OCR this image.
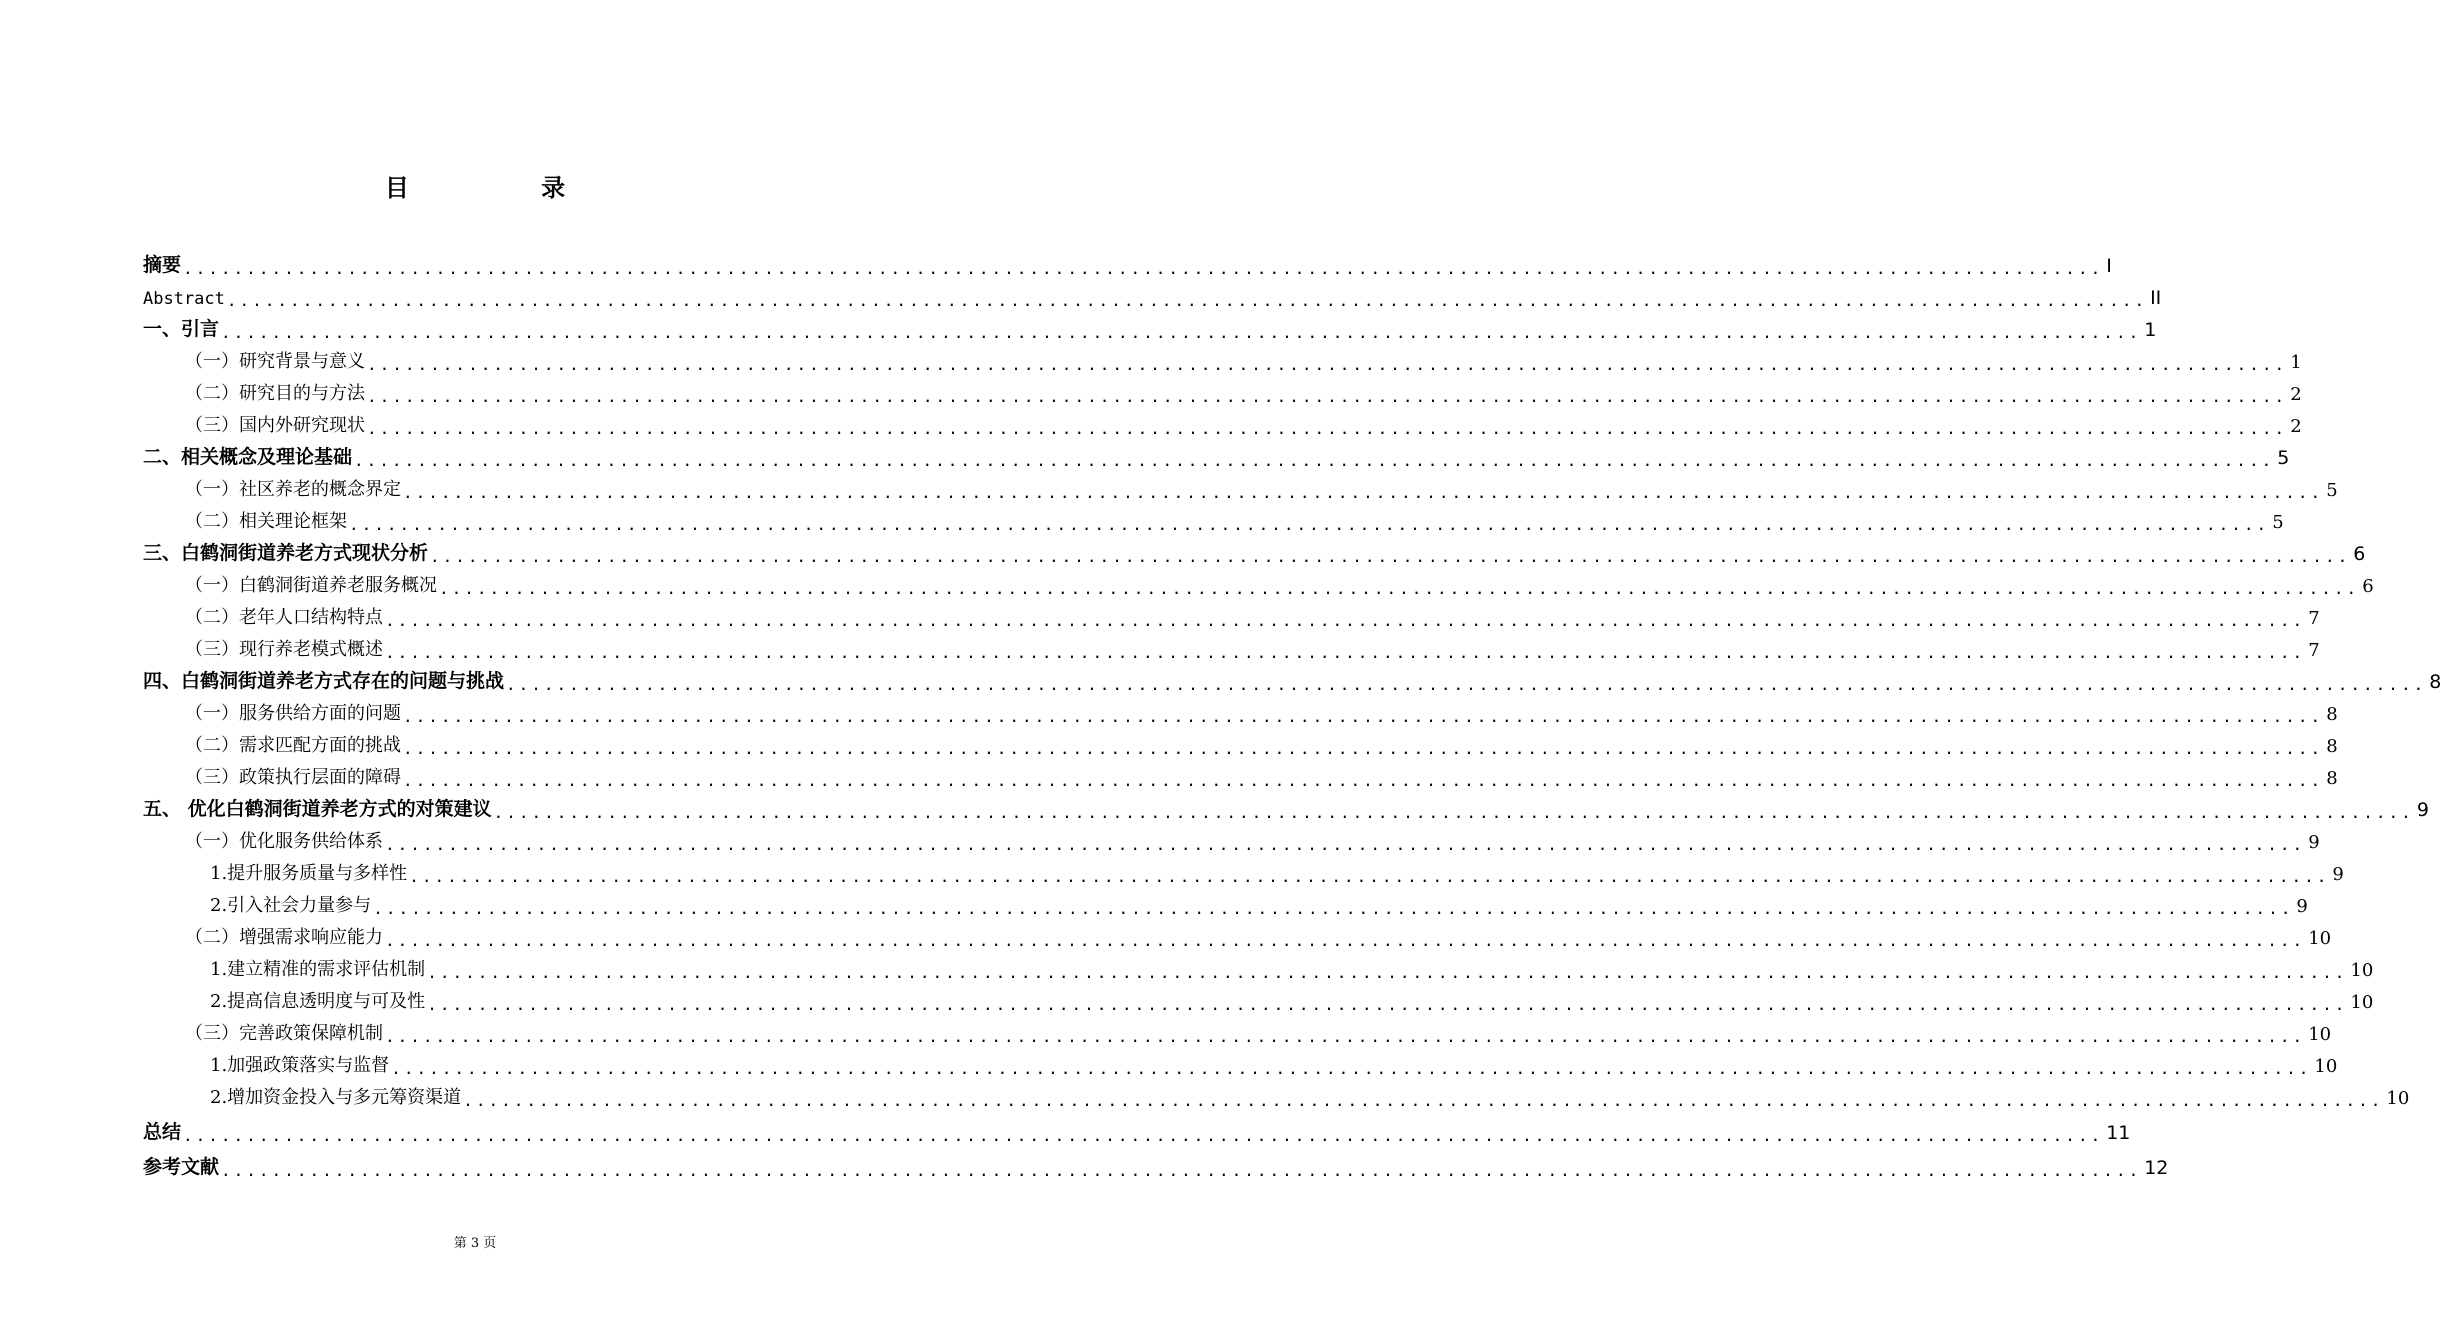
目 录
摘要 ........................................................................................................................................................ I
Abstract ........................................................................................................................................................ II
一、引言 ........................................................................................................................................................ 1
（一）研究背景与意义 ........................................................................................................................................................ 1
（二）研究目的与方法 ........................................................................................................................................................ 2
（三）国内外研究现状 ........................................................................................................................................................ 2
二、相关概念及理论基础 ........................................................................................................................................................ 5
（一）社区养老的概念界定 ........................................................................................................................................................ 5
（二）相关理论框架 ........................................................................................................................................................ 5
三、白鹤洞街道养老方式现状分析 ........................................................................................................................................................ 6
（一）白鹤洞街道养老服务概况 ........................................................................................................................................................ 6
（二）老年人口结构特点 ........................................................................................................................................................ 7
（三）现行养老模式概述 ........................................................................................................................................................ 7
四、白鹤洞街道养老方式存在的问题与挑战 ........................................................................................................................................................ 8
（一）服务供给方面的问题 ........................................................................................................................................................ 8
（二）需求匹配方面的挑战 ........................................................................................................................................................ 8
（三）政策执行层面的障碍 ........................................................................................................................................................ 8
五、 优化白鹤洞街道养老方式的对策建议 ........................................................................................................................................................ 9
（一）优化服务供给体系 ........................................................................................................................................................ 9
1.提升服务质量与多样性 ........................................................................................................................................................ 9
2.引入社会力量参与 ........................................................................................................................................................ 9
（二）增强需求响应能力 ........................................................................................................................................................ 10
1.建立精准的需求评估机制 ........................................................................................................................................................ 10
2.提高信息透明度与可及性 ........................................................................................................................................................ 10
（三）完善政策保障机制 ........................................................................................................................................................ 10
1.加强政策落实与监督 ........................................................................................................................................................ 10
2.增加资金投入与多元筹资渠道 ........................................................................................................................................................ 10
总结 ........................................................................................................................................................ 11
参考文献 ........................................................................................................................................................ 12
第 3 页
